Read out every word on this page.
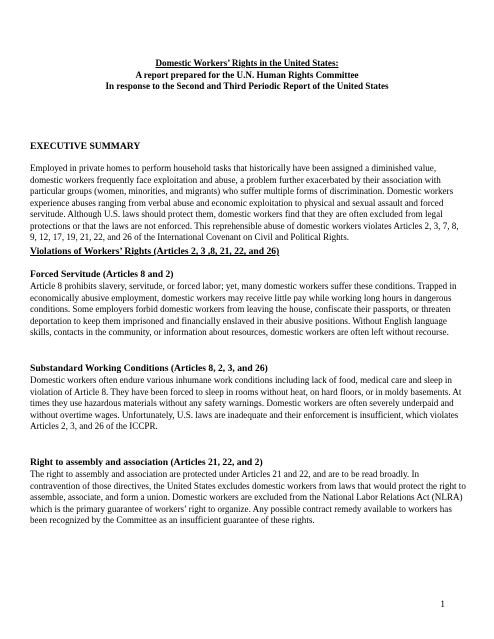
Domestic Workers’ Rights in the United States:
A report prepared for the U.N. Human Rights Committee
In response to the Second and Third Periodic Report of the United States
EXECUTIVE SUMMARY

Employed in private homes to perform household tasks that historically have been assigned a diminished value, domestic workers frequently face exploitation and abuse, a problem further exacerbated by their association with particular groups (women, minorities, and migrants) who suffer multiple forms of discrimination. Domestic workers experience abuses ranging from verbal abuse and economic exploitation to physical and sexual assault and forced servitude. Although U.S. laws should protect them, domestic workers find that they are often excluded from legal protections or that the laws are not enforced. This reprehensible abuse of domestic workers violates Articles 2, 3, 7, 8, 9, 12, 17, 19, 21, 22, and 26 of the International Covenant on Civil and Political Rights.

Violations of Workers’ Rights (Articles 2, 3 ,8, 21, 22, and 26)
Forced Servitude (Articles 8 and 2)

Article 8 prohibits slavery, servitude, or forced labor; yet, many domestic workers suffer these conditions. Trapped in economically abusive employment, domestic workers may receive little pay while working long hours in dangerous conditions. Some employers forbid domestic workers from leaving the house, confiscate their passports, or threaten deportation to keep them imprisoned and financially enslaved in their abusive positions. Without English language skills, contacts in the community, or information about resources, domestic workers are often left without recourse.

Substandard Working Conditions (Articles 8, 2, 3, and 26)

Domestic workers often endure various inhumane work conditions including lack of food, medical care and sleep in violation of Article 8. They have been forced to sleep in rooms without heat, on hard floors, or in moldy basements. At times they use hazardous materials without any safety warnings. Domestic workers are often severely underpaid and without overtime wages. Unfortunately, U.S. laws are inadequate and their enforcement is insufficient, which violates Articles 2, 3, and 26 of the ICCPR.

Right to assembly and association (Articles 21, 22, and 2)

The right to assembly and association are protected under Articles 21 and 22, and are to be read broadly. In contravention of those directives, the United States excludes domestic workers from laws that would protect the right to assemble, associate, and form a union. Domestic workers are excluded from the National Labor Relations Act (NLRA) which is the primary guarantee of workers’ right to organize. Any possible contract remedy available to workers has been recognized by the Committee as an insufficient guarantee of these rights.

1
